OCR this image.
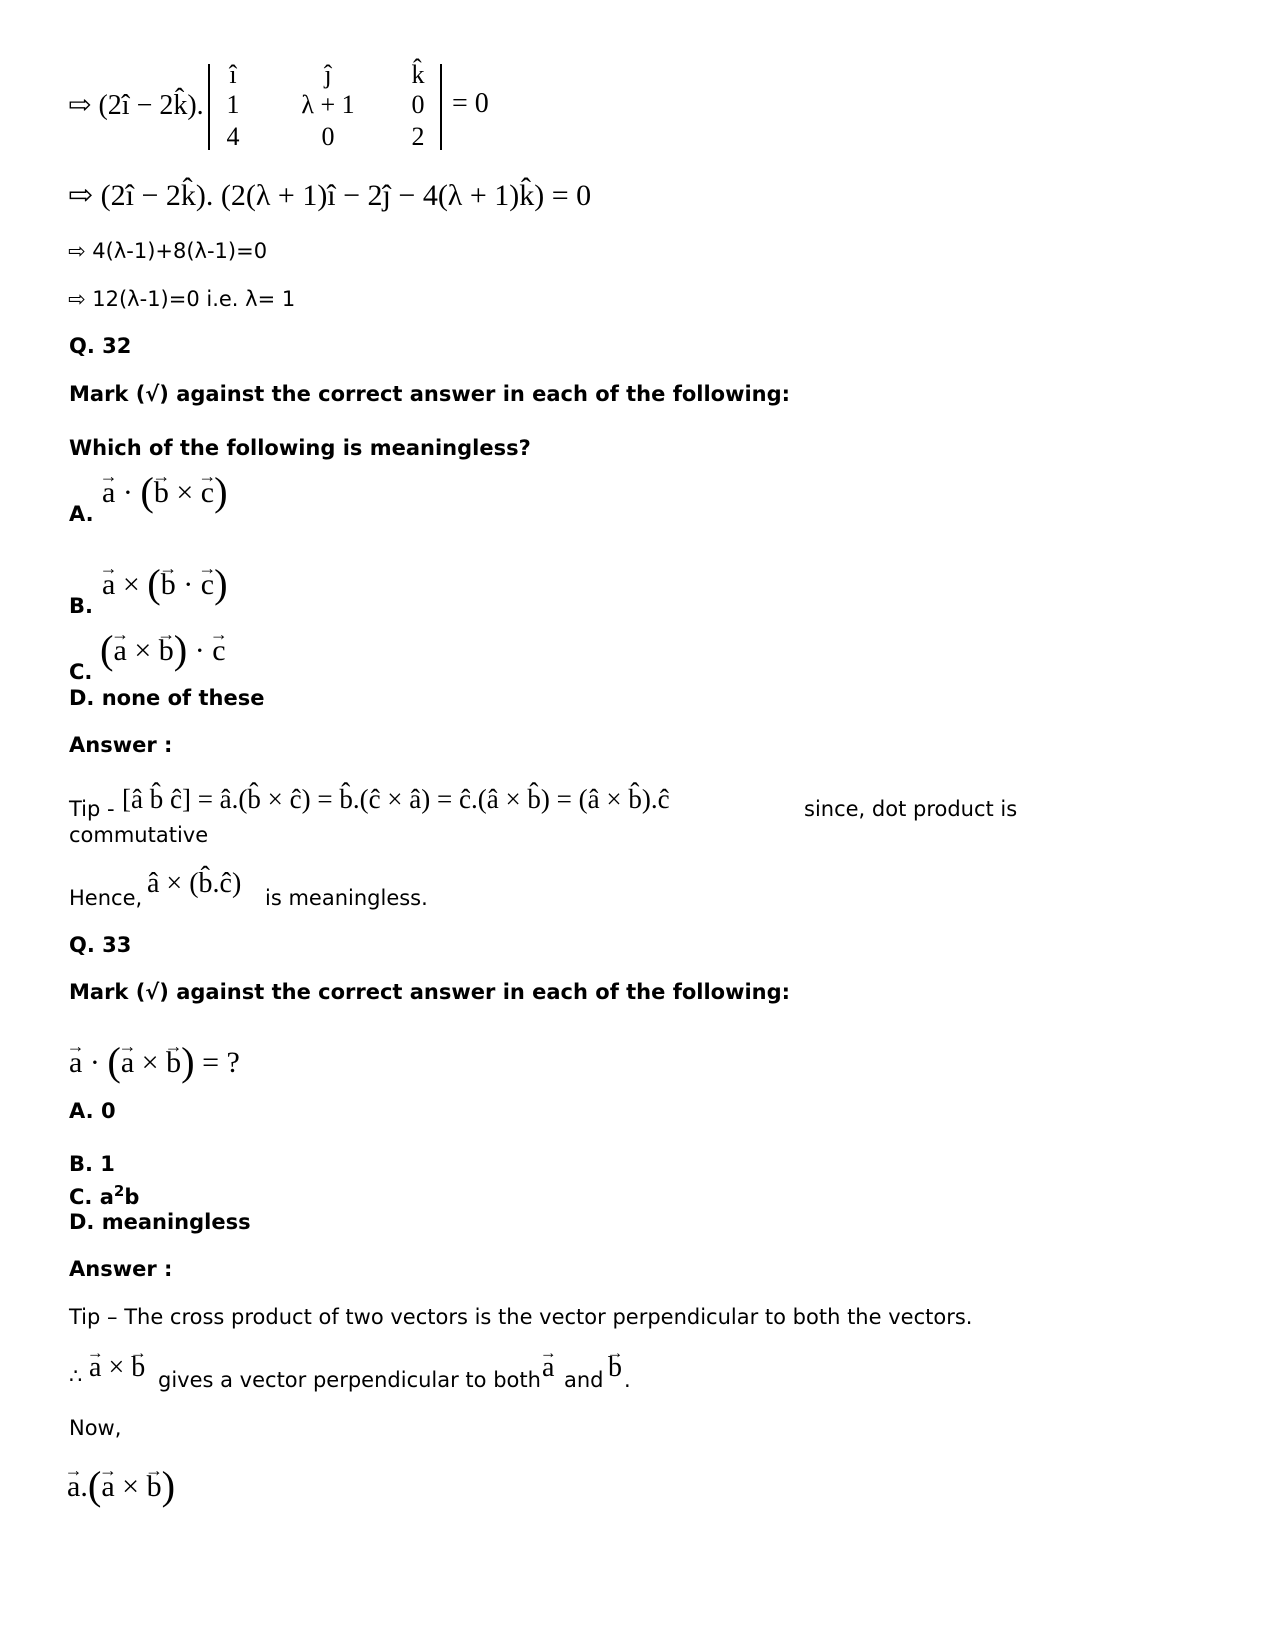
⇨ (2î − 2k̂).
î	ĵ	k̂
1	λ + 1	0
4	0	2
= 0
⇨ (2î − 2k̂). (2(λ + 1)î − 2ĵ − 4(λ + 1)k̂) = 0
⇨ 4(λ-1)+8(λ-1)=0
⇨ 12(λ-1)=0 i.e. λ= 1
Q. 32
Mark (√) against the correct answer in each of the following:
Which of the following is meaningless?
A.
→ a · (→ b × → c)
B.
→ a × (→ b · → c)
C. (→ a × → b) · → c
D. none of these
Answer :
Tip - [â b̂ ĉ] = â.(b̂ × ĉ) = b̂.(ĉ × â) = ĉ.(â × b̂) = (â × b̂).ĉ	since, dot product is
commutative
Hence, â × (b̂.ĉ) is meaningless.
Q. 33
Mark (√) against the correct answer in each of the following:
→ a · (→ a × → b) = ?
A. 0
B. 1
C. $a^2b$
D. meaningless
Answer :
Tip – The cross product of two vectors is the vector perpendicular to both the vectors.
∴ → a × → b gives a vector perpendicular to both → a and → b .
Now,
→ a.(→ a × → b)
